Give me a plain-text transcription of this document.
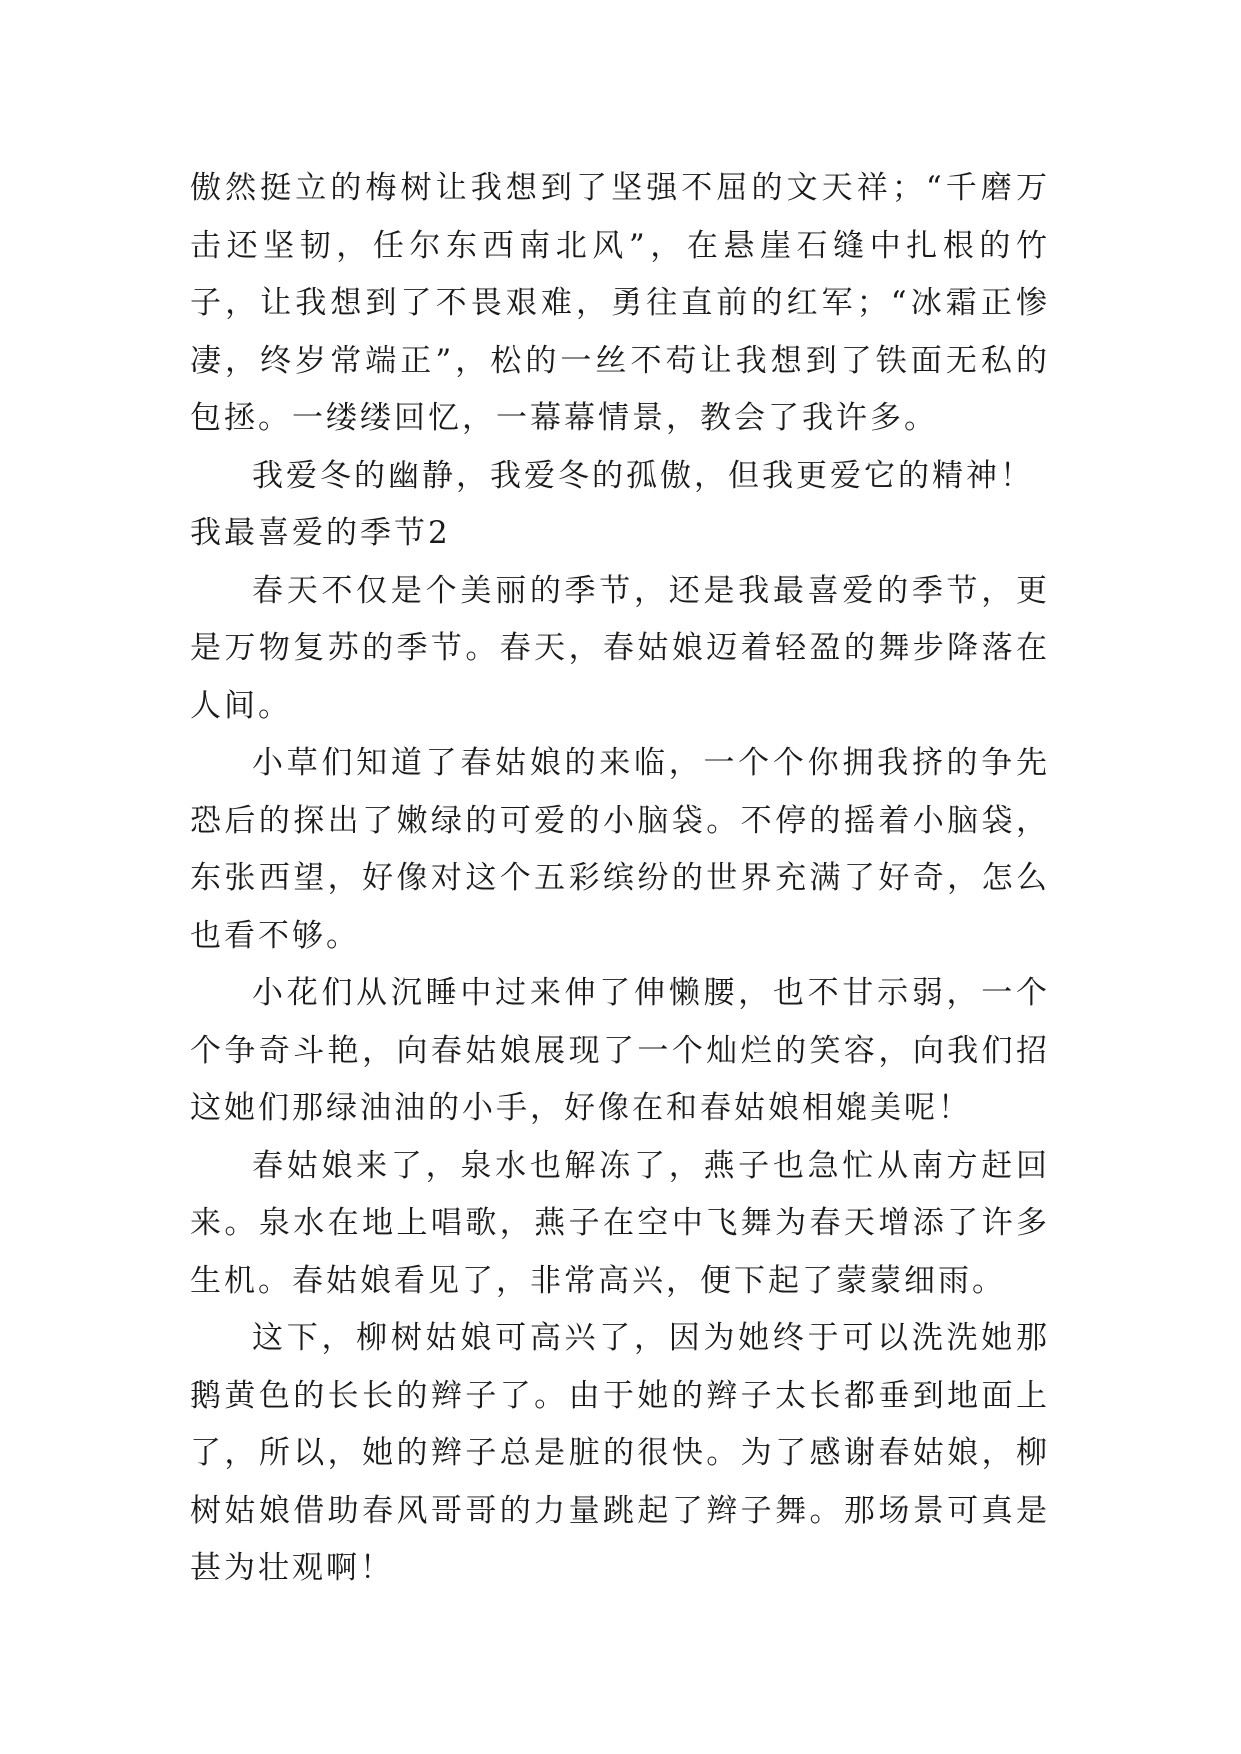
傲然挺立的梅树让我想到了坚强不屈的文天祥；“千磨万击还坚韧，任尔东西南北风”，在悬崖石缝中扎根的竹子，让我想到了不畏艰难，勇往直前的红军；“冰霜正惨凄，终岁常端正”，松的一丝不苟让我想到了铁面无私的包拯。一缕缕回忆，一幕幕情景，教会了我许多。

我爱冬的幽静，我爱冬的孤傲，但我更爱它的精神！

我最喜爱的季节2

春天不仅是个美丽的季节，还是我最喜爱的季节，更是万物复苏的季节。春天，春姑娘迈着轻盈的舞步降落在人间。

小草们知道了春姑娘的来临，一个个你拥我挤的争先恐后的探出了嫩绿的可爱的小脑袋。不停的摇着小脑袋，东张西望，好像对这个五彩缤纷的世界充满了好奇，怎么也看不够。

小花们从沉睡中过来伸了伸懒腰，也不甘示弱，一个个争奇斗艳，向春姑娘展现了一个灿烂的笑容，向我们招这她们那绿油油的小手，好像在和春姑娘相媲美呢！

春姑娘来了，泉水也解冻了，燕子也急忙从南方赶回来。泉水在地上唱歌，燕子在空中飞舞为春天增添了许多生机。春姑娘看见了，非常高兴，便下起了蒙蒙细雨。

这下，柳树姑娘可高兴了，因为她终于可以洗洗她那鹅黄色的长长的辫子了。由于她的辫子太长都垂到地面上了，所以，她的辫子总是脏的很快。为了感谢春姑娘，柳树姑娘借助春风哥哥的力量跳起了辫子舞。那场景可真是甚为壮观啊！
